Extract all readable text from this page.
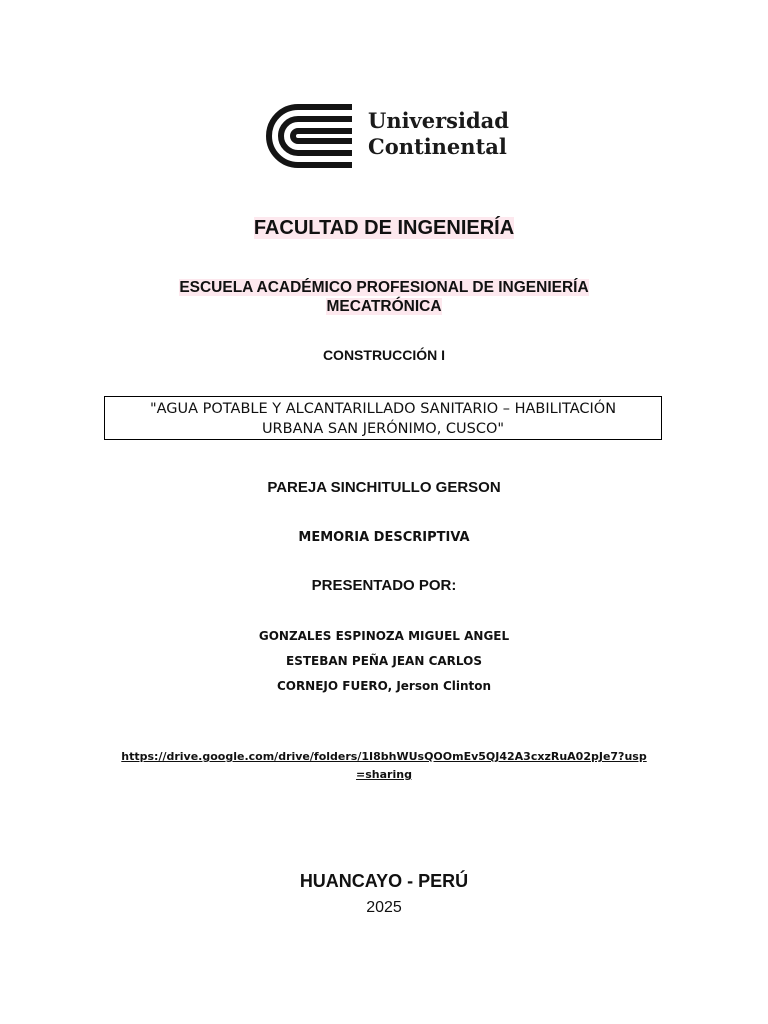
Universidad
Continental
FACULTAD DE INGENIERÍA
ESCUELA ACADÉMICO PROFESIONAL DE INGENIERÍA MECATRÓNICA
CONSTRUCCIÓN I
"AGUA POTABLE Y ALCANTARILLADO SANITARIO – HABILITACIÓN
URBANA SAN JERÓNIMO, CUSCO"
PAREJA SINCHITULLO GERSON
MEMORIA DESCRIPTIVA
PRESENTADO POR:
GONZALES ESPINOZA MIGUEL ANGEL
ESTEBAN PEÑA JEAN CARLOS
CORNEJO FUERO, Jerson Clinton
https://drive.google.com/drive/folders/1I8bhWUsQOOmEv5QJ42A3cxzRuA02pJe7?usp=sharing
HUANCAYO - PERÚ
2025
